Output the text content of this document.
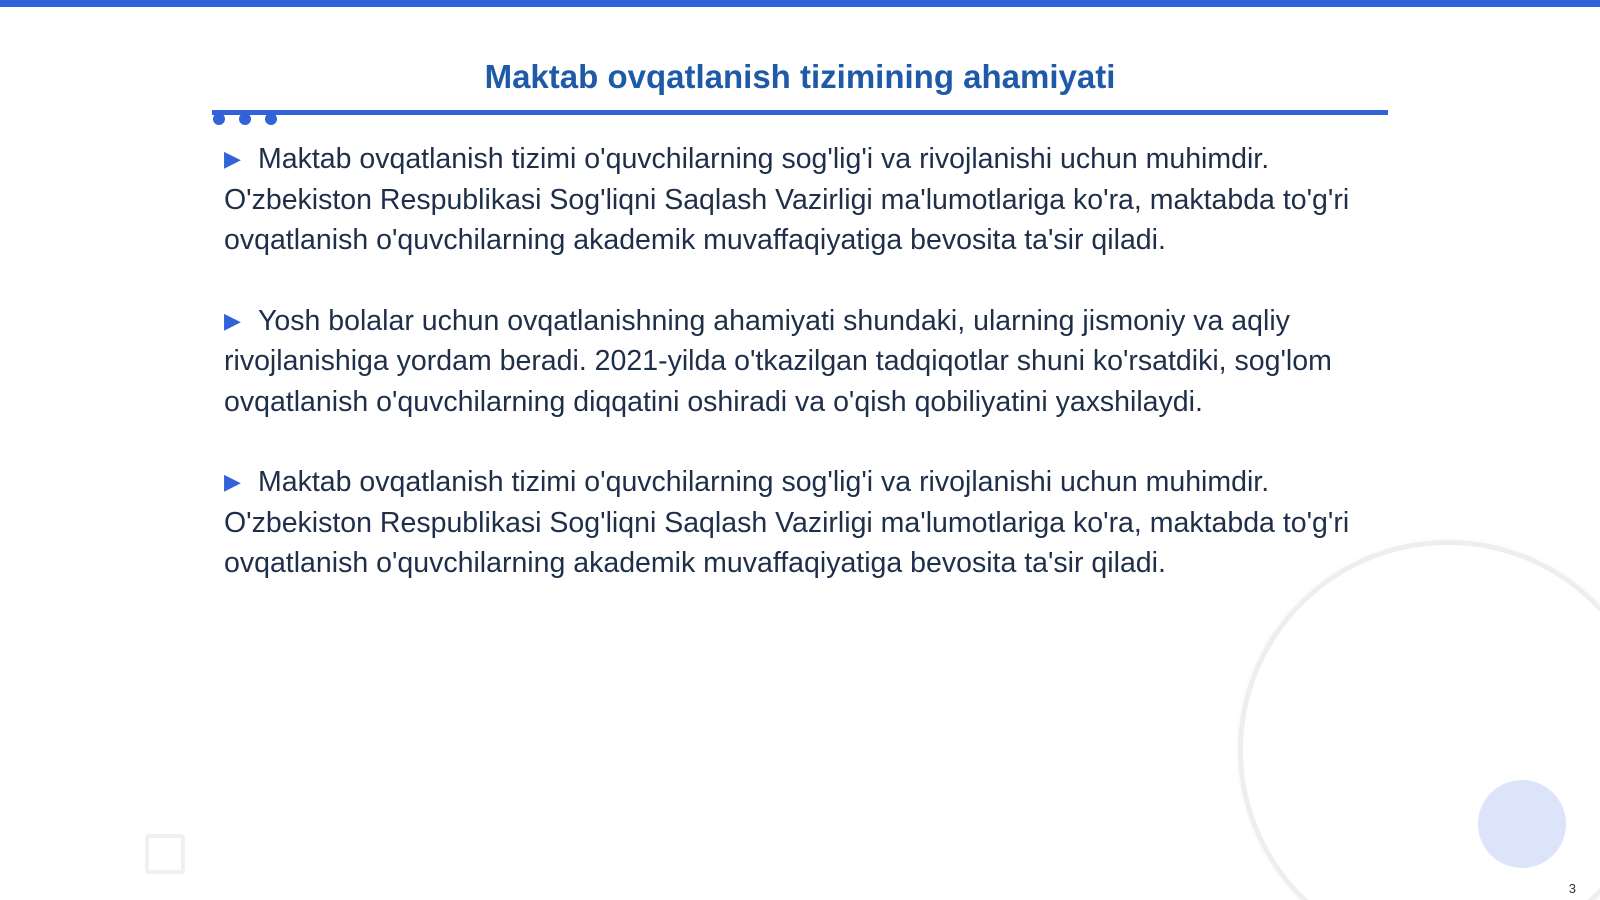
Maktab ovqatlanish tizimining ahamiyati

▶ Maktab ovqatlanish tizimi o'quvchilarning sog'lig'i va rivojlanishi uchun muhimdir. O'zbekiston Respublikasi Sog'liqni Saqlash Vazirligi ma'lumotlariga ko'ra, maktabda to'g'ri ovqatlanish o'quvchilarning akademik muvaffaqiyatiga bevosita ta'sir qiladi.

▶ Yosh bolalar uchun ovqatlanishning ahamiyati shundaki, ularning jismoniy va aqliy rivojlanishiga yordam beradi. 2021-yilda o'tkazilgan tadqiqotlar shuni ko'rsatdiki, sog'lom ovqatlanish o'quvchilarning diqqatini oshiradi va o'qish qobiliyatini yaxshilaydi.

▶ Maktab ovqatlanish tizimi o'quvchilarning sog'lig'i va rivojlanishi uchun muhimdir. O'zbekiston Respublikasi Sog'liqni Saqlash Vazirligi ma'lumotlariga ko'ra, maktabda to'g'ri ovqatlanish o'quvchilarning akademik muvaffaqiyatiga bevosita ta'sir qiladi.

3
